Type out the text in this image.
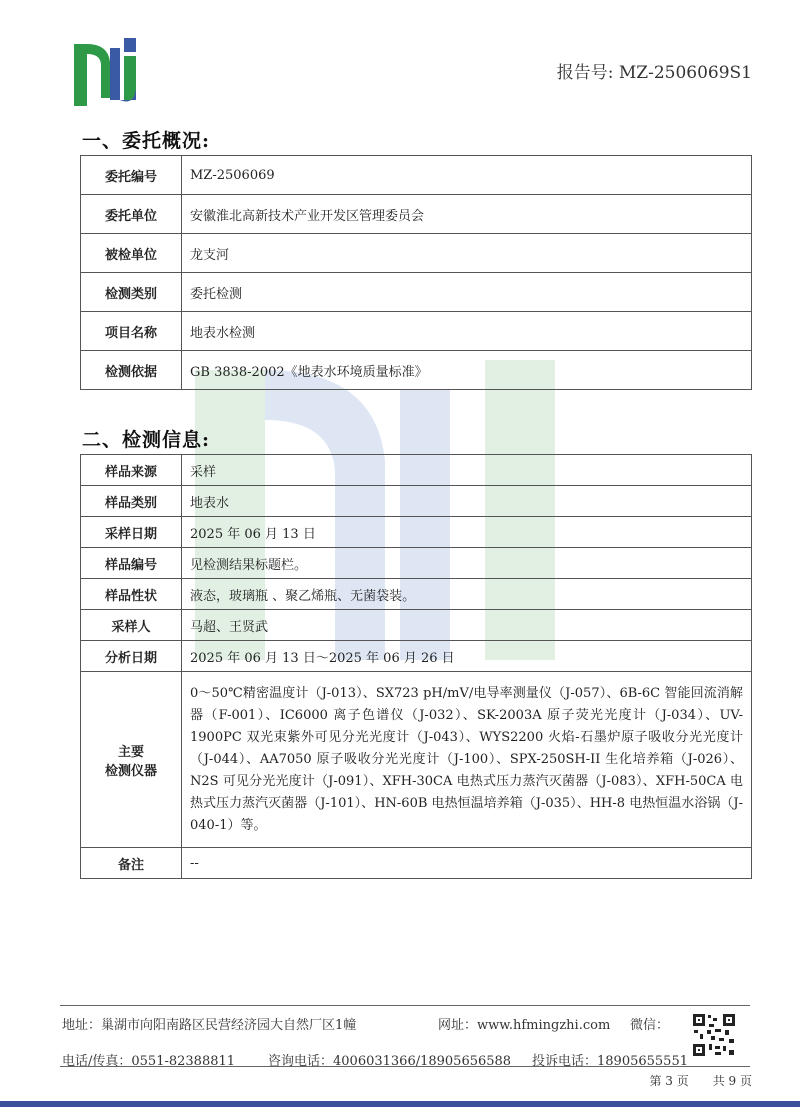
报告号: MZ-2506069S1
一、委托概况:
委托编号	MZ-2506069
委托单位	安徽淮北高新技术产业开发区管理委员会
被检单位	龙支河
检测类别	委托检测
项目名称	地表水检测
检测依据	GB 3838-2002《地表水环境质量标准》
二、检测信息:
样品来源	采样
样品类别	地表水
采样日期	2025 年 06 月 13 日
样品编号	见检测结果标题栏。
样品性状	液态，玻璃瓶 、聚乙烯瓶、无菌袋装。
采样人	马超、王贤武
分析日期	2025 年 06 月 13 日～2025 年 06 月 26 日

主要
检测仪器	0～50℃精密温度计（J-013）、SX723 pH/mV/电导率测量仪（J-057）、6B-6C 智能回流消解器（F-001）、IC6000 离子色谱仪（J-032）、SK-2003A 原子荧光光度计（J-034）、UV-1900PC 双光束紫外可见分光光度计（J-043）、WYS2200 火焰-石墨炉原子吸收分光光度计（J-044）、AA7050 原子吸收分光光度计（J-100）、SPX-250SH-II 生化培养箱（J-026）、N2S 可见分光光度计（J-091）、XFH-30CA 电热式压力蒸汽灭菌器（J-083）、XFH-50CA 电热式压力蒸汽灭菌器（J-101）、HN-60B 电热恒温培养箱（J-035）、HH-8 电热恒温水浴锅（J-040-1）等。
备注	--
地址：巢湖市向阳南路区民营经济园大自然厂区1幢	网址：www.hfmingzhi.com 微信：
电话/传真：0551-82388811	咨询电话：4006031366/18905656588 投诉电话：18905655551
第 3 页　　共 9 页
